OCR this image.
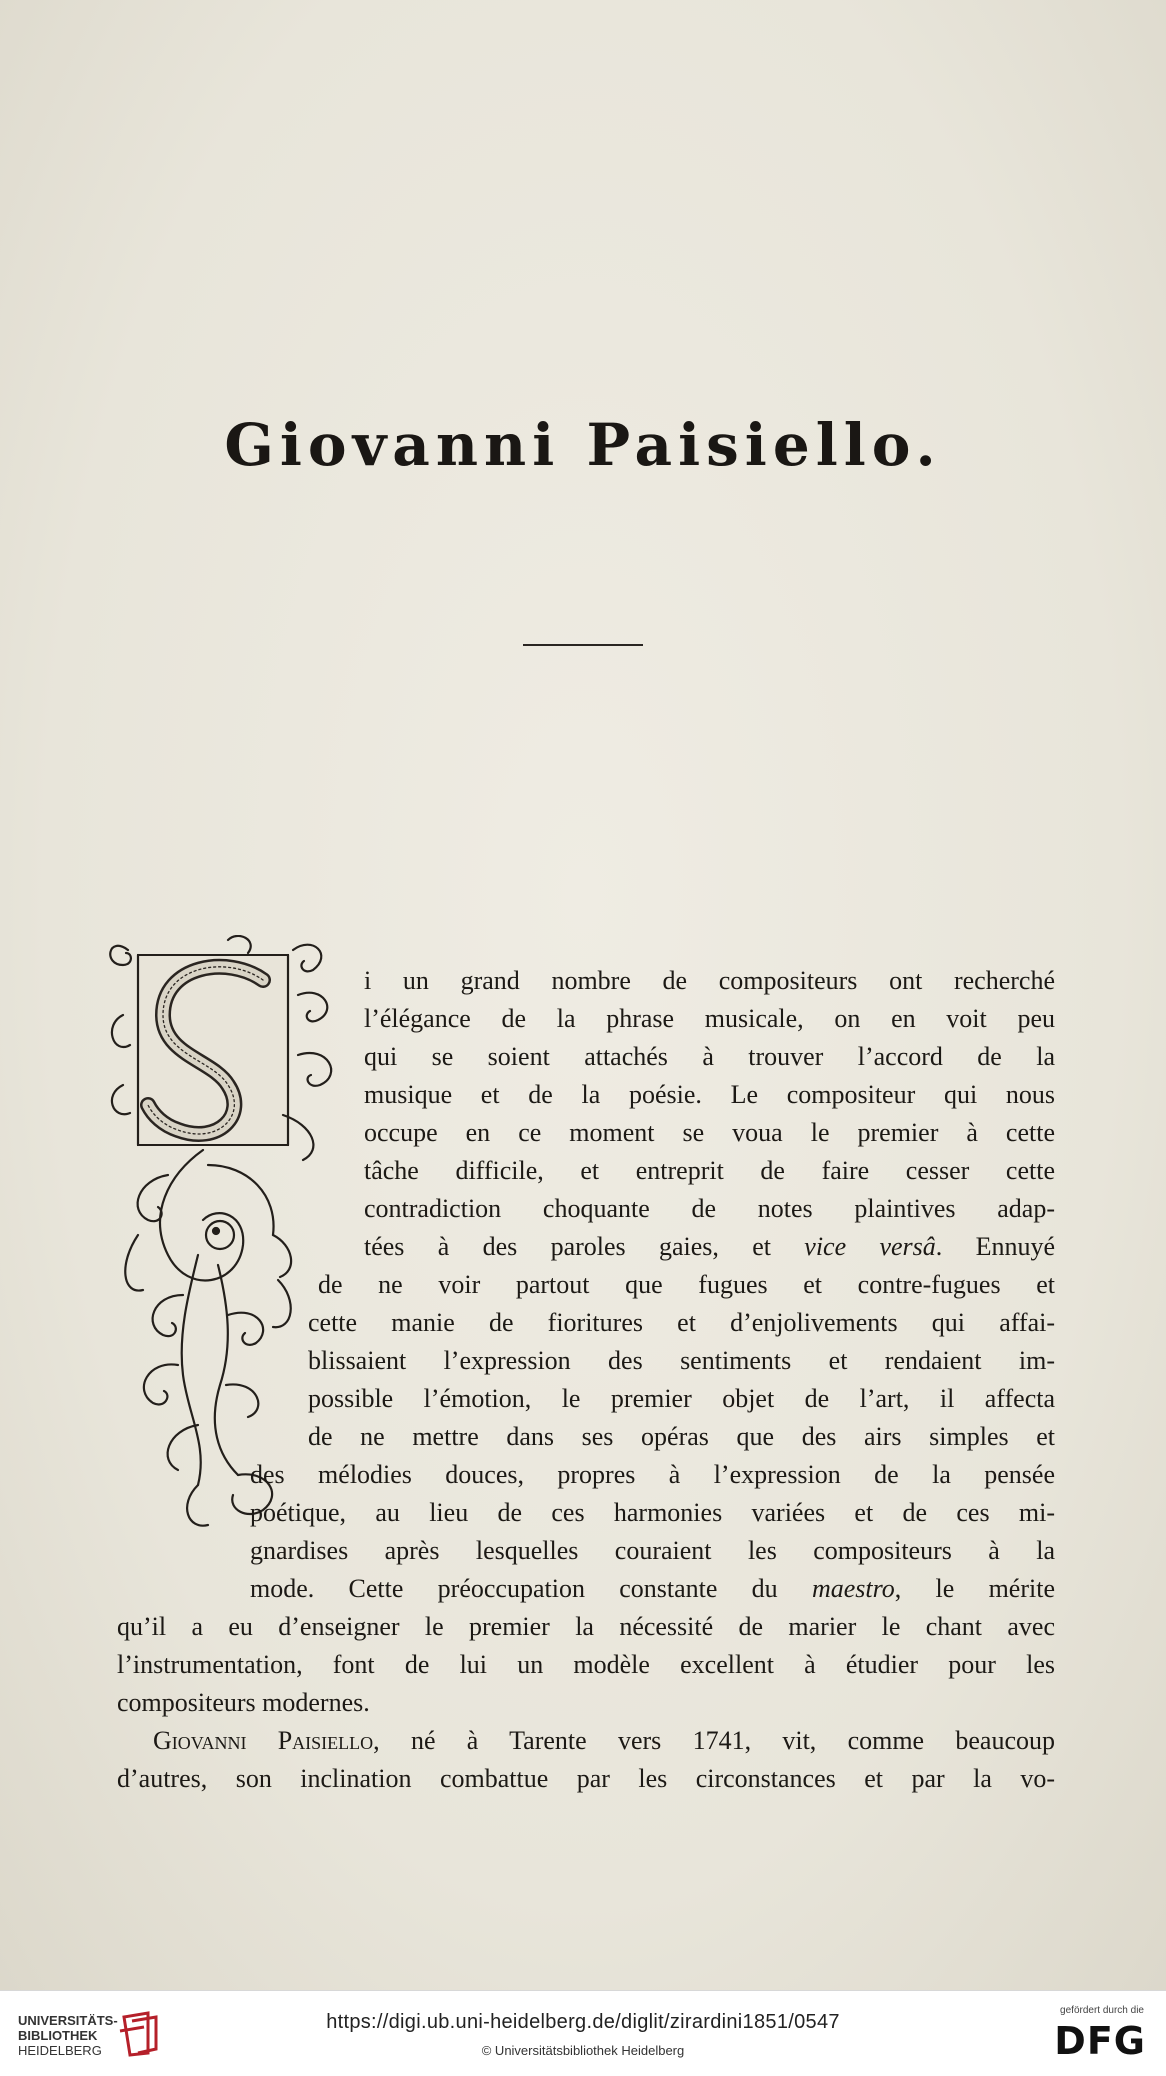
Giovanni Paisiello.
i un grand nombre de compositeurs ont recherché
l’élégance de la phrase musicale, on en voit peu
qui se soient attachés à trouver l’accord de la
musique et de la poésie. Le compositeur qui nous
occupe en ce moment se voua le premier à cette
tâche difficile, et entreprit de faire cesser cette
contradiction choquante de notes plaintives adap-
tées à des paroles gaies, et vice versâ. Ennuyé
de ne voir partout que fugues et contre-fugues et
cette manie de fioritures et d’enjolivements qui affai-
blissaient l’expression des sentiments et rendaient im-
possible l’émotion, le premier objet de l’art, il affecta
de ne mettre dans ses opéras que des airs simples et
des mélodies douces, propres à l’expression de la pensée
poétique, au lieu de ces harmonies variées et de ces mi-
gnardises après lesquelles couraient les compositeurs à la
mode. Cette préoccupation constante du maestro, le mérite
qu’il a eu d’enseigner le premier la nécessité de marier le chant avec
l’instrumentation, font de lui un modèle excellent à étudier pour les
compositeurs modernes.
Giovanni Paisiello, né à Tarente vers 1741, vit, comme beaucoup
d’autres, son inclination combattue par les circonstances et par la vo-
UNIVERSITÄTS-
BIBLIOTHEK
HEIDELBERG
https://digi.ub.uni-heidelberg.de/diglit/zirardini1851/0547
© Universitätsbibliothek Heidelberg
gefördert durch die
DFG
